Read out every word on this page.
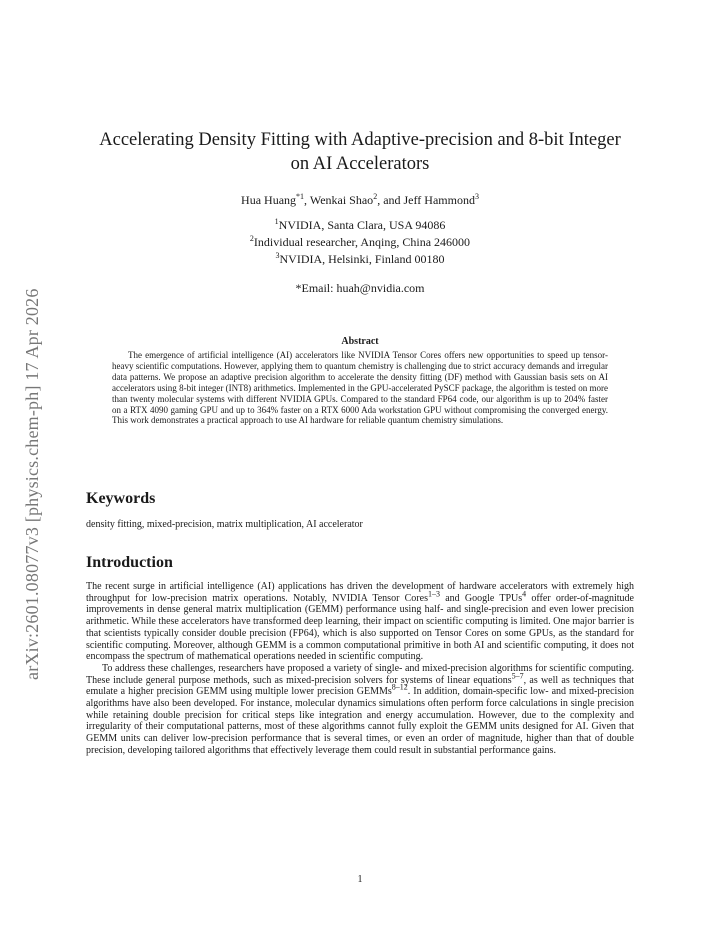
arXiv:2601.08077v3 [physics.chem-ph] 17 Apr 2026
Accelerating Density Fitting with Adaptive-precision and 8-bit Integer on AI Accelerators
Hua Huang$^{*1}$, Wenkai Shao$^2$, and Jeff Hammond$^3$
$^1$NVIDIA, Santa Clara, USA 94086
$^2$Individual researcher, Anqing, China 246000
$^3$NVIDIA, Helsinki, Finland 00180
*Email: huah@nvidia.com
Abstract

The emergence of artificial intelligence (AI) accelerators like NVIDIA Tensor Cores offers new opportunities to speed up tensor-heavy scientific computations. However, applying them to quantum chemistry is challenging due to strict accuracy demands and irregular data patterns. We propose an adaptive precision algorithm to accelerate the density fitting (DF) method with Gaussian basis sets on AI accelerators using 8-bit integer (INT8) arithmetics. Implemented in the GPU-accelerated PySCF package, the algorithm is tested on more than twenty molecular systems with different NVIDIA GPUs. Compared to the standard FP64 code, our algorithm is up to 204% faster on a RTX 4090 gaming GPU and up to 364% faster on a RTX 6000 Ada workstation GPU without compromising the converged energy. This work demonstrates a practical approach to use AI hardware for reliable quantum chemistry simulations.

Keywords
density fitting, mixed-precision, matrix multiplication, AI accelerator
Introduction

The recent surge in artificial intelligence (AI) applications has driven the development of hardware accelerators with extremely high throughput for low-precision matrix operations. Notably, NVIDIA Tensor Cores$^{1-3}$ and Google TPUs$^4$ offer order-of-magnitude improvements in dense general matrix multiplication (GEMM) performance using half- and single-precision and even lower precision arithmetic. While these accelerators have transformed deep learning, their impact on scientific computing is limited. One major barrier is that scientists typically consider double precision (FP64), which is also supported on Tensor Cores on some GPUs, as the standard for scientific computing. Moreover, although GEMM is a common computational primitive in both AI and scientific computing, it does not encompass the spectrum of mathematical operations needed in scientific computing.

To address these challenges, researchers have proposed a variety of single- and mixed-precision algorithms for scientific computing. These include general purpose methods, such as mixed-precision solvers for systems of linear equations$^{5-7}$, as well as techniques that emulate a higher precision GEMM using multiple lower precision GEMMs$^{8-12}$. In addition, domain-specific low- and mixed-precision algorithms have also been developed. For instance, molecular dynamics simulations often perform force calculations in single precision while retaining double precision for critical steps like integration and energy accumulation. However, due to the complexity and irregularity of their computational patterns, most of these algorithms cannot fully exploit the GEMM units designed for AI. Given that GEMM units can deliver low-precision performance that is several times, or even an order of magnitude, higher than that of double precision, developing tailored algorithms that effectively leverage them could result in substantial performance gains.

1
